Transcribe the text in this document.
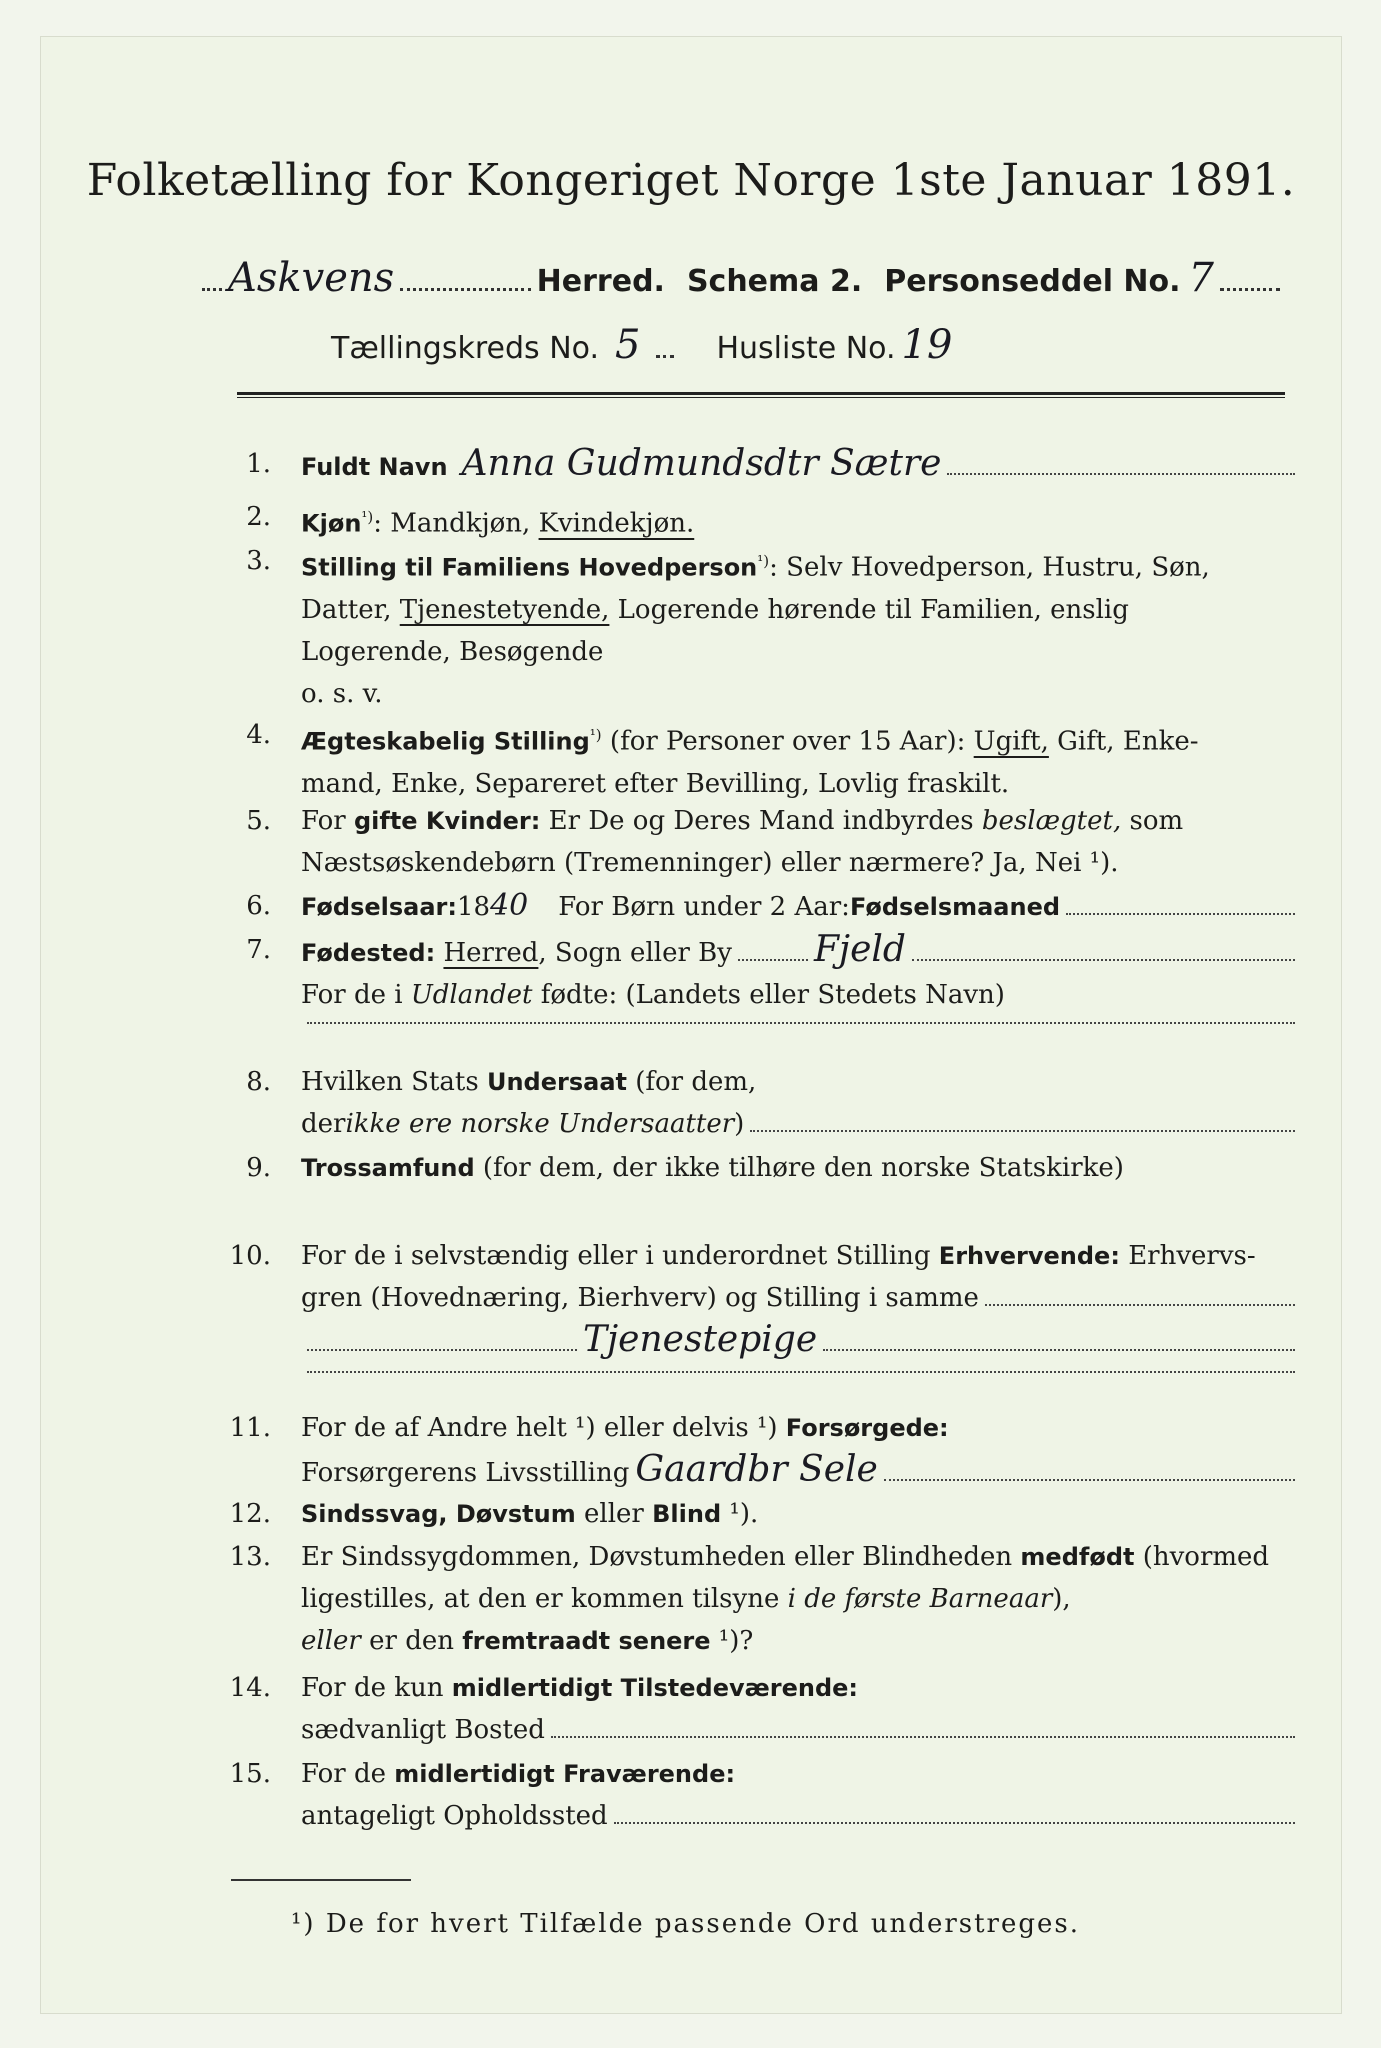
Folketælling for Kongeriget Norge 1ste Januar 1891.
Askvens	Herred. Schema 2. Personseddel No. 7
Tællingskreds No. 5	Husliste No. 19
1. Fuldt Navn Anna Gudmundsdtr Sætre
2. Kjøn$^{^1)}$: Mandkjøn, Kvindekjøn.
3. Stilling til Familiens Hovedperson$^{^1)}$: Selv Hovedperson, Hustru, Søn,
Datter, Tjenestetyende, Logerende hørende til Familien, enslig
Logerende, Besøgende
o. s. v.
4. Ægteskabelig Stilling$^{^1)}$ (for Personer over 15 Aar): Ugift, Gift, Enke-
mand, Enke, Separeret efter Bevilling, Lovlig fraskilt.
5. For gifte Kvinder: Er De og Deres Mand indbyrdes beslægtet, som
Næstsøskendebørn (Tremenninger) eller nærmere? Ja, Nei ¹).
6. Fødselsaar: 18 40 For Børn under 2 Aar: Fødselsmaaned
7. Fødested:
Herred , Sogn eller By Fjeld
For de i Udlandet fødte: (Landets eller Stedets Navn)
8. Hvilken Stats Undersaat (for dem,
der ikke ere norske Undersaatter )
9. Trossamfund (for dem, der ikke tilhøre den norske Statskirke)
10. For de i selvstændig eller i underordnet Stilling Erhvervende: Erhvervs-
gren (Hovednæring, Bierhverv) og Stilling i samme
Tjenestepige
11. For de af Andre helt ¹) eller delvis ¹) Forsørgede:
Forsørgerens Livsstilling Gaardbr Sele
12. Sindssvag, Døvstum eller Blind ¹).
13. Er Sindssygdommen, Døvstumheden eller Blindheden medfødt (hvormed
ligestilles, at den er kommen tilsyne i de første Barneaar),
eller er den fremtraadt senere ¹)?
14. For de kun midlertidigt Tilstedeværende:
sædvanligt Bosted
15. For de midlertidigt Fraværende:
antageligt Opholdssted
¹) De for hvert Tilfælde passende Ord understreges.
